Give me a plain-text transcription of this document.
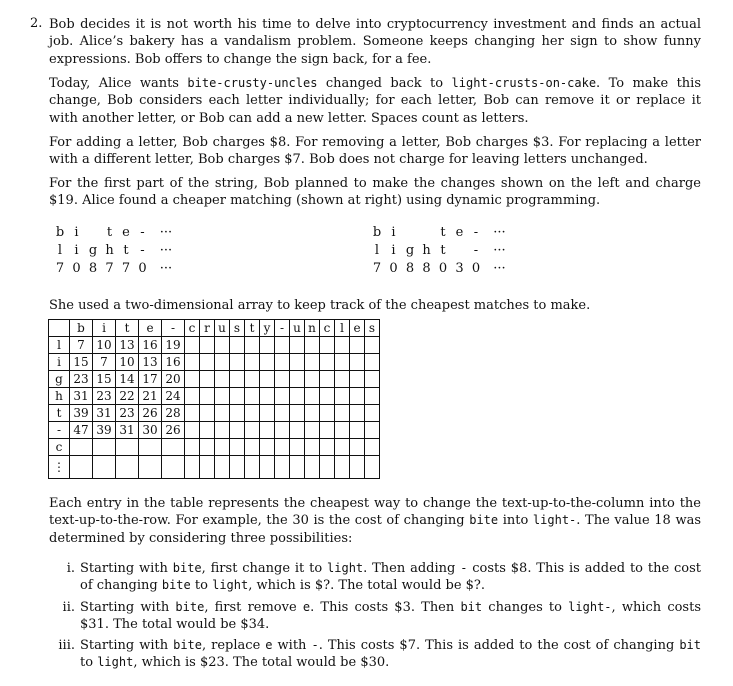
2. Bob decides it is not worth his time to delve into cryptocurrency investment and finds an actual job. Alice’s bakery has a vandalism problem. Someone keeps changing her sign to show funny expressions. Bob offers to change the sign back, for a fee.

Today, Alice wants bite-crusty-uncles changed back to light-crusts-on-cake. To make this change, Bob considers each letter individually; for each letter, Bob can remove it or replace it with another letter, or Bob can add a new letter. Spaces count as letters.

For adding a letter, Bob charges $8. For removing a letter, Bob charges $3. For replacing a letter with a different letter, Bob charges $7. Bob does not charge for leaving letters unchanged.

For the first part of the string, Bob planned to make the changes shown on the left and charge $19. Alice found a cheaper matching (shown at right) using dynamic programming.

b i	t e -	···
l i g h t -	···
7 0 8 7 7 0	···
b i	t e -	···
l i g h t	-	···
7 0 8 8 0 3 0	···

She used a two-dimensional array to keep track of the cheapest matches to make.

	b	i	t	e	-	c	r	u	s	t	y	-	u	n	c	l	e	s
l	7	10	13	16	19													
i	15	7	10	13	16													
g	23	15	14	17	20													
h	31	23	22	21	24													
t	39	31	23	26	28													
-	47	39	31	30	26													
c																		
⋮																		

Each entry in the table represents the cheapest way to change the text-up-to-the-column into the text-up-to-the-row. For example, the 30 is the cost of changing bite into light-. The value 18 was determined by considering three possibilities:

i. Starting with bite, first change it to light. Then adding - costs $8. This is added to the cost of changing bite to light, which is $?. The total would be $?.
ii. Starting with bite, first remove e. This costs $3. Then bit changes to light-, which costs $31. The total would be $34.
iii. Starting with bite, replace e with -. This costs $7. This is added to the cost of changing bit to light, which is $23. The total would be $30.
